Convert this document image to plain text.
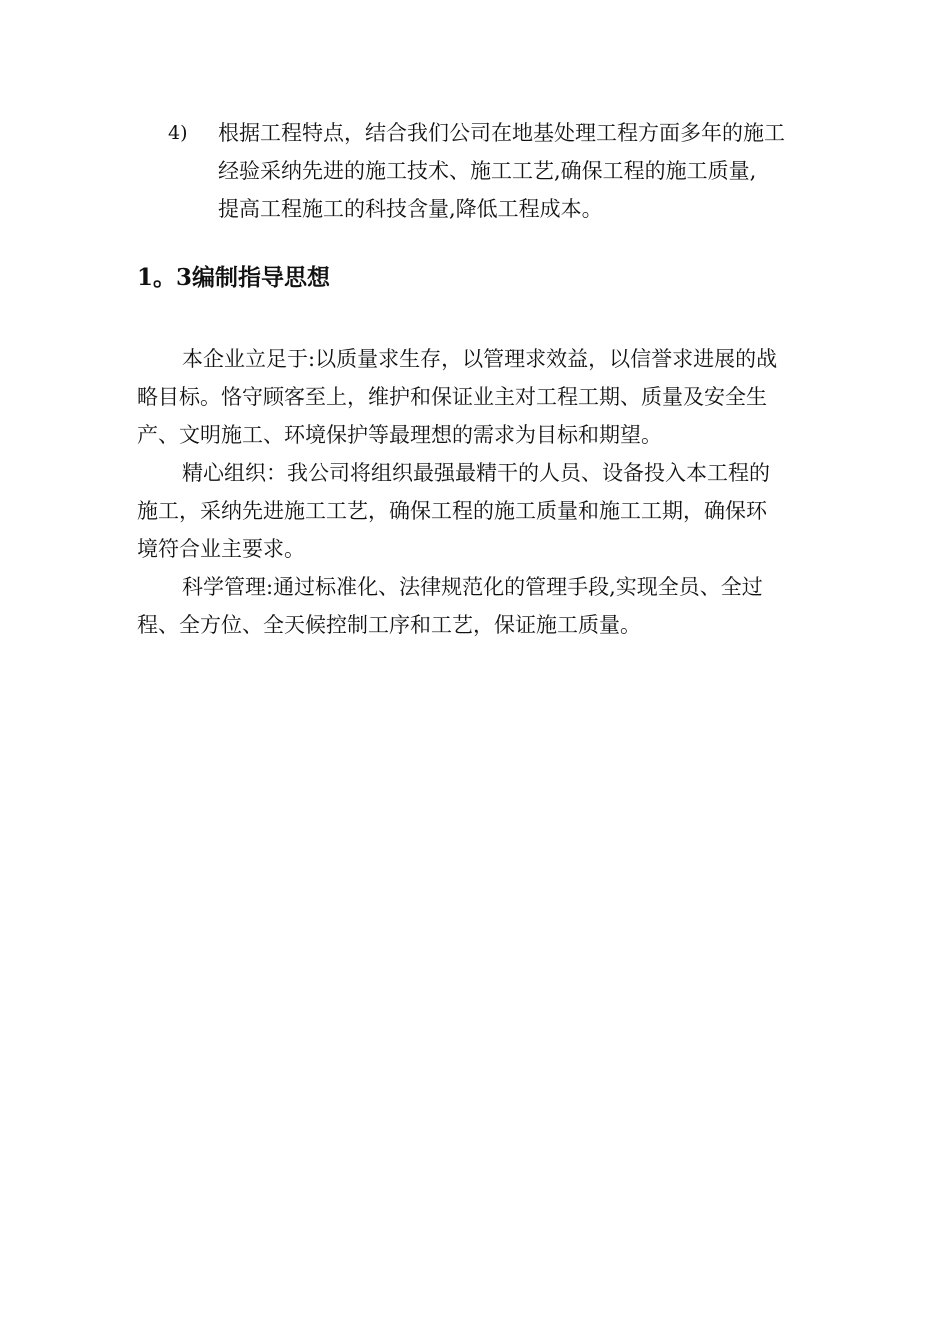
4) 根据工程特点，结合我们公司在地基处理工程方面多年的施工
经验采纳先进的施工技术、施工工艺,确保工程的施工质量,
提高工程施工的科技含量,降低工程成本。
1。3编制指导思想
本企业立足于:以质量求生存，以管理求效益，以信誉求进展的战
略目标。恪守顾客至上，维护和保证业主对工程工期、质量及安全生
产、文明施工、环境保护等最理想的需求为目标和期望。
精心组织：我公司将组织最强最精干的人员、设备投入本工程的
施工，采纳先进施工工艺，确保工程的施工质量和施工工期，确保环
境符合业主要求。
科学管理:通过标准化、法律规范化的管理手段,实现全员、全过
程、全方位、全天候控制工序和工艺，保证施工质量。
